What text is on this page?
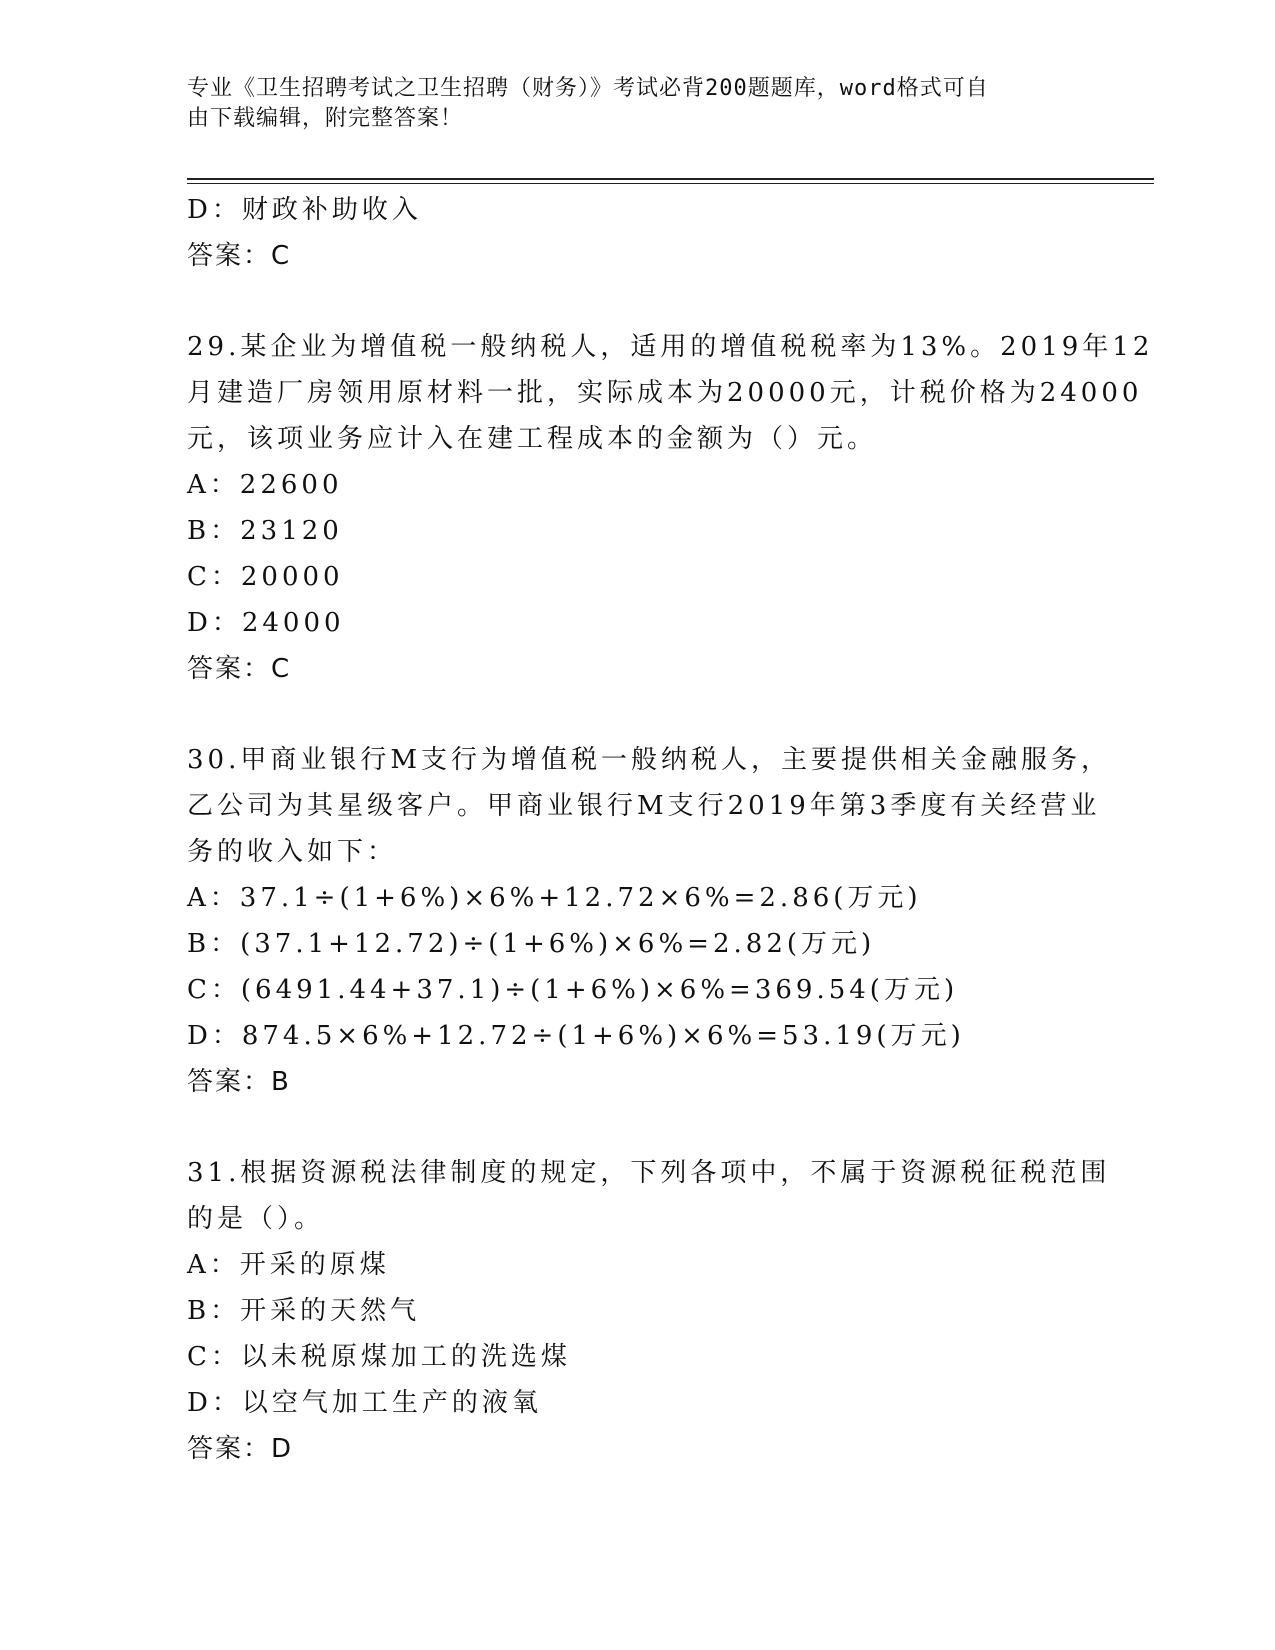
专业《卫生招聘考试之卫生招聘（财务）》考试必背200题题库，word格式可自
由下载编辑，附完整答案！
D：财政补助收入
答案：C
29.某企业为增值税一般纳税人，适用的增值税税率为13%。2019年12
月建造厂房领用原材料一批，实际成本为20000元，计税价格为24000
元，该项业务应计入在建工程成本的金额为（）元。
A：22600
B：23120
C：20000
D：24000
答案：C
30.甲商业银行M支行为增值税一般纳税人，主要提供相关金融服务，
乙公司为其星级客户。甲商业银行M支行2019年第3季度有关经营业
务的收入如下：
A：37.1÷(1+6%)×6%+12.72×6%=2.86(万元)
B：(37.1+12.72)÷(1+6%)×6%=2.82(万元)
C：(6491.44+37.1)÷(1+6%)×6%=369.54(万元)
D：874.5×6%+12.72÷(1+6%)×6%=53.19(万元)
答案：B
31.根据资源税法律制度的规定，下列各项中，不属于资源税征税范围
的是（）。
A：开采的原煤
B：开采的天然气
C：以未税原煤加工的洗选煤
D：以空气加工生产的液氧
答案：D
